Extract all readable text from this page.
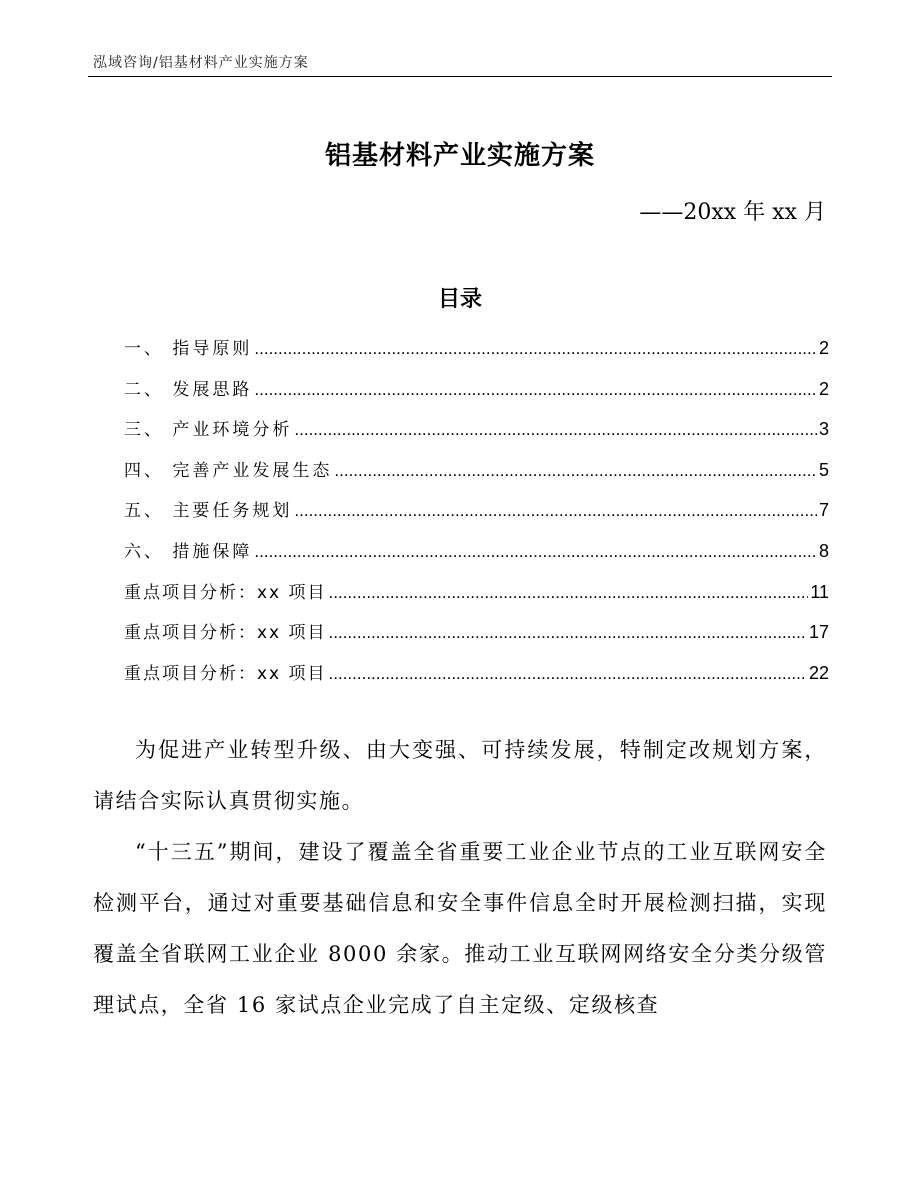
泓域咨询/铝基材料产业实施方案
铝基材料产业实施方案
——20xx 年 xx 月
目录
一、 指导原则 .....	2
二、 发展思路 .....	2
三、 产业环境分析 .....	3
四、 完善产业发展生态 .....	5
五、 主要任务规划 .....	7
六、 措施保障 .....	8
重点项目分析：xx 项目 .....	11
重点项目分析：xx 项目 .....	17
重点项目分析：xx 项目 .....	22

为促进产业转型升级、由大变强、可持续发展，特制定改规划方案，请结合实际认真贯彻实施。

“十三五”期间，建设了覆盖全省重要工业企业节点的工业互联网安全检测平台，通过对重要基础信息和安全事件信息全时开展检测扫描，实现覆盖全省联网工业企业 8000 余家。推动工业互联网网络安全分类分级管理试点，全省 16 家试点企业完成了自主定级、定级核查
